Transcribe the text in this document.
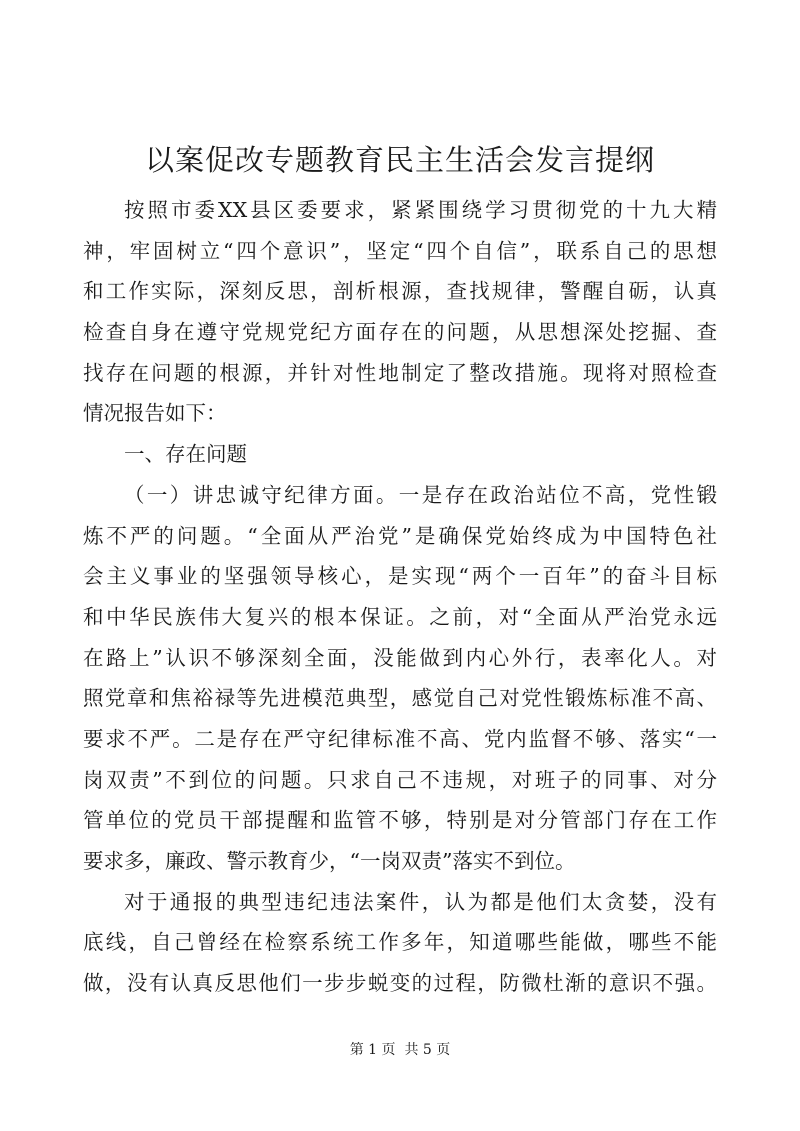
以案促改专题教育民主生活会发言提纲
按照市委XX县区委要求，紧紧围绕学习贯彻党的十九大精
神，牢固树立“四个意识”，坚定“四个自信”，联系自己的思想
和工作实际，深刻反思，剖析根源，查找规律，警醒自砺，认真
检查自身在遵守党规党纪方面存在的问题，从思想深处挖掘、查
找存在问题的根源，并针对性地制定了整改措施。现将对照检查
情况报告如下：
一、存在问题
（一）讲忠诚守纪律方面。一是存在政治站位不高，党性锻
炼不严的问题。“全面从严治党”是确保党始终成为中国特色社
会主义事业的坚强领导核心，是实现“两个一百年”的奋斗目标
和中华民族伟大复兴的根本保证。之前，对“全面从严治党永远
在路上”认识不够深刻全面，没能做到内心外行，表率化人。对
照党章和焦裕禄等先进模范典型，感觉自己对党性锻炼标准不高、
要求不严。二是存在严守纪律标准不高、党内监督不够、落实“一
岗双责”不到位的问题。只求自己不违规，对班子的同事、对分
管单位的党员干部提醒和监管不够，特别是对分管部门存在工作
要求多，廉政、警示教育少，“一岗双责”落实不到位。
对于通报的典型违纪违法案件，认为都是他们太贪婪，没有
底线，自己曾经在检察系统工作多年，知道哪些能做，哪些不能
做，没有认真反思他们一步步蜕变的过程，防微杜渐的意识不强。
第 1 页  共 5 页
